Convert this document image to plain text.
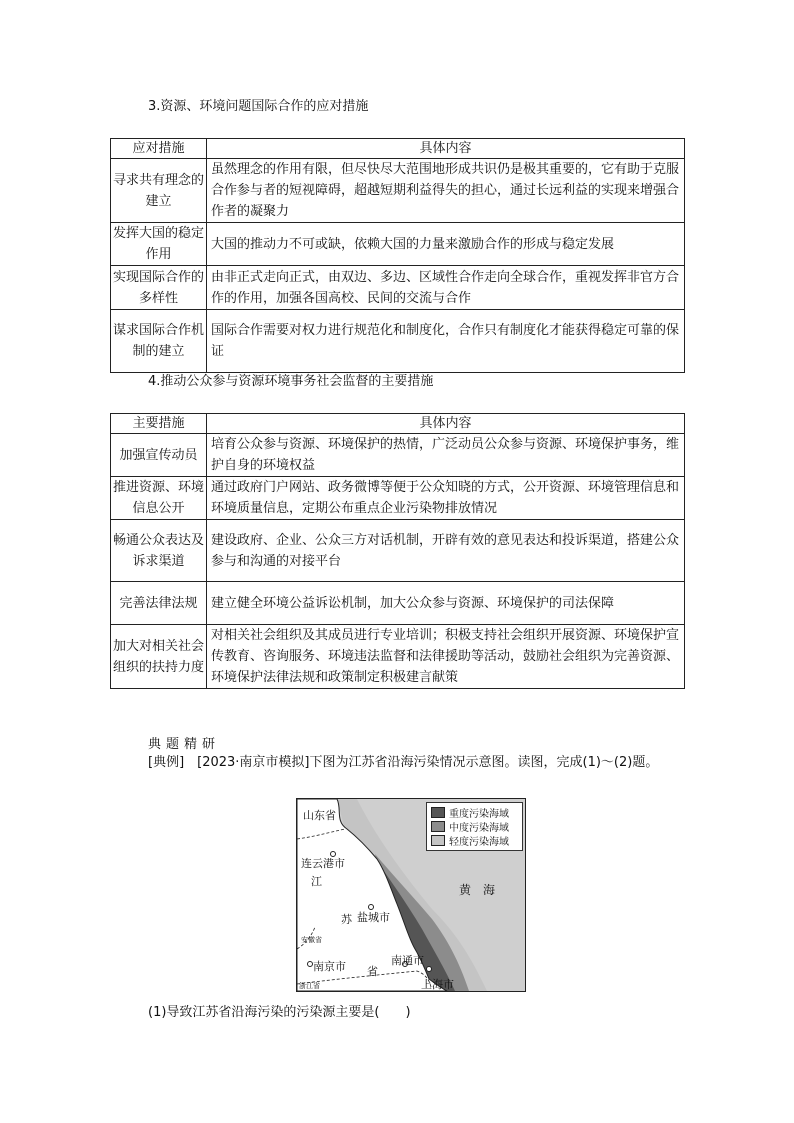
3.资源、环境问题国际合作的应对措施
应对措施	具体内容
寻求共有理念的建立	虽然理念的作用有限，但尽快尽大范围地形成共识仍是极其重要的，它有助于克服合作参与者的短视障碍，超越短期利益得失的担心，通过长远利益的实现来增强合作者的凝聚力
发挥大国的稳定作用	大国的推动力不可或缺，依赖大国的力量来激励合作的形成与稳定发展
实现国际合作的多样性	由非正式走向正式，由双边、多边、区域性合作走向全球合作，重视发挥非官方合作的作用，加强各国高校、民间的交流与合作
谋求国际合作机制的建立	国际合作需要对权力进行规范化和制度化，合作只有制度化才能获得稳定可靠的保证
4.推动公众参与资源环境事务社会监督的主要措施
主要措施	具体内容
加强宣传动员	培育公众参与资源、环境保护的热情，广泛动员公众参与资源、环境保护事务，维护自身的环境权益
推进资源、环境信息公开	通过政府门户网站、政务微博等便于公众知晓的方式，公开资源、环境管理信息和环境质量信息，定期公布重点企业污染物排放情况
畅通公众表达及诉求渠道	建设政府、企业、公众三方对话机制，开辟有效的意见表达和投诉渠道，搭建公众参与和沟通的对接平台
完善法律法规	建立健全环境公益诉讼机制，加大公众参与资源、环境保护的司法保障
加大对相关社会组织的扶持力度	对相关社会组织及其成员进行专业培训；积极支持社会组织开展资源、环境保护宣传教育、咨询服务、环境违法监督和法律援助等活动，鼓励社会组织为完善资源、环境保护法律法规和政策制定积极建言献策
典题精研
[典例]　[2023·南京市模拟]下图为江苏省沿海污染情况示意图。读图，完成(1)～(2)题。
山东省
连云港市
江
苏 盐城市
安徽省
南京市 省
南通市
上海市
浙江省
黄　海
重度污染海域
中度污染海域
轻度污染海域
(1)导致江苏省沿海污染的污染源主要是(　　)
